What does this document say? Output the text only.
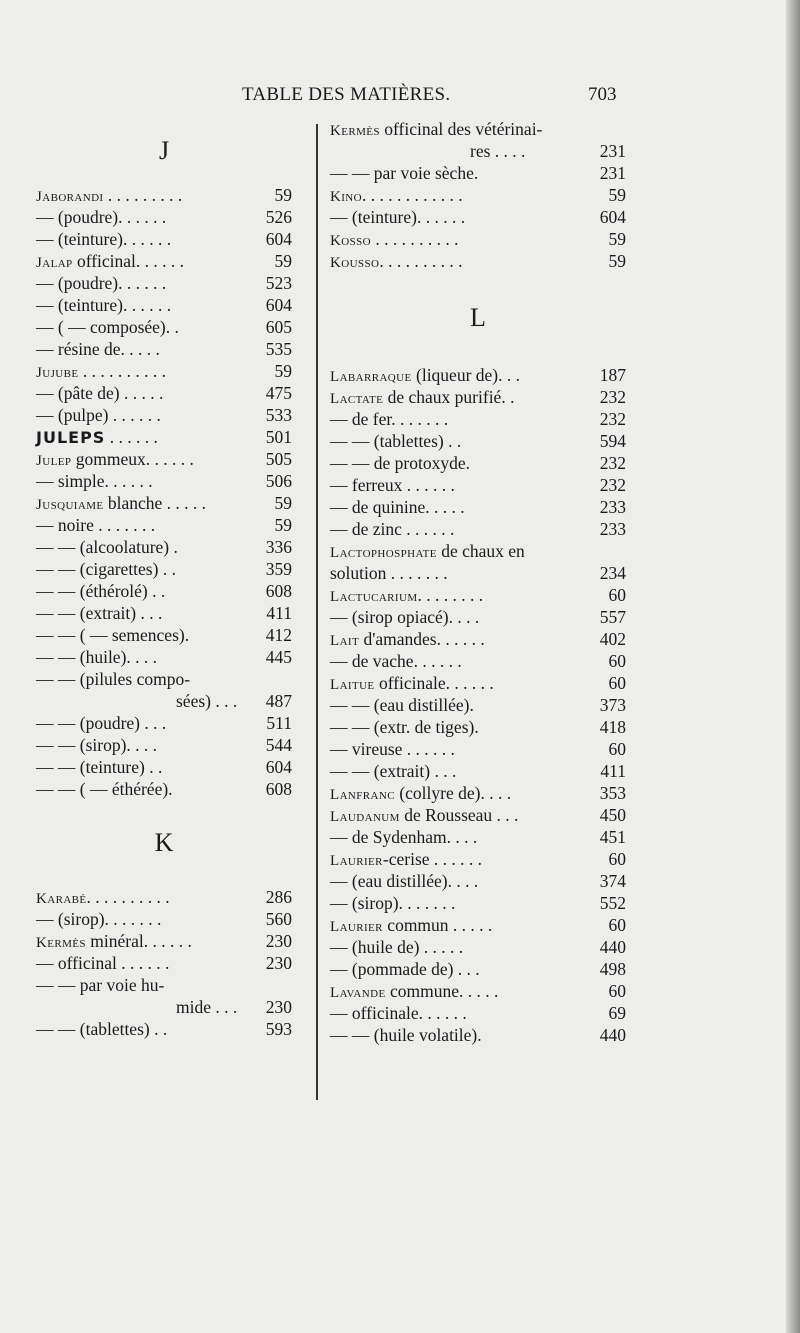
TABLE DES MATIÈRES.	703
J
Jaborandi . . . . . . . . .	59
— (poudre). . . . . .	526
— (teinture). . . . . .	604
Jalap officinal. . . . . .	59
— (poudre). . . . . .	523
— (teinture). . . . . .	604
— ( — composée). .	605
— résine de. . . . .	535
Jujube . . . . . . . . . .	59
— (pâte de) . . . . .	475
— (pulpe) . . . . . .	533
JULEPS . . . . . .	501
Julep gommeux. . . . . .	505
— simple. . . . . .	506
Jusquiame blanche . . . . .	59
— noire . . . . . . .	59
— — (alcoolature) .	336
— — (cigarettes) . .	359
— — (éthérolé) . .	608
— — (extrait) . . .	411
— — ( — semences).	412
— — (huile). . . .	445
— — (pilules compo-
sées) . . . 487
— — (poudre) . . .	511
— — (sirop). . . .	544
— — (teinture) . .	604
— — ( — éthérée).	608
K
Karabé. . . . . . . . . .	286
— (sirop). . . . . . .	560
Kermès minéral. . . . . .	230
— officinal . . . . . .	230
— — par voie hu-
mide . . . 230
— — (tablettes) . .	593
Kermès officinal des vétérinai-
res . . . .	231
— — par voie sèche.	231
Kino. . . . . . . . . . . .	59
— (teinture). . . . . .	604
Kosso . . . . . . . . . .	59
Kousso. . . . . . . . . .	59
L
Labarraque (liqueur de). . .	187
Lactate de chaux purifié. .	232
— de fer. . . . . . .	232
— — (tablettes) . .	594
— — de protoxyde.	232
— ferreux . . . . . .	232
— de quinine. . . . .	233
— de zinc . . . . . .	233
Lactophosphate de chaux en
solution . . . . . . .	234
Lactucarium. . . . . . . .	60
— (sirop opiacé). . . .	557
Lait d'amandes. . . . . .	402
— de vache. . . . . .	60
Laitue officinale. . . . . .	60
— — (eau distillée).	373
— — (extr. de tiges).	418
— vireuse . . . . . .	60
— — (extrait) . . .	411
Lanfranc (collyre de). . . .	353
Laudanum de Rousseau . . .	450
— de Sydenham. . . .	451
Laurier-cerise . . . . . .	60
— (eau distillée). . . .	374
— (sirop). . . . . . .	552
Laurier commun . . . . .	60
— (huile de) . . . . .	440
— (pommade de) . . .	498
Lavande commune. . . . .	60
— officinale. . . . . .	69
— — (huile volatile).	440
